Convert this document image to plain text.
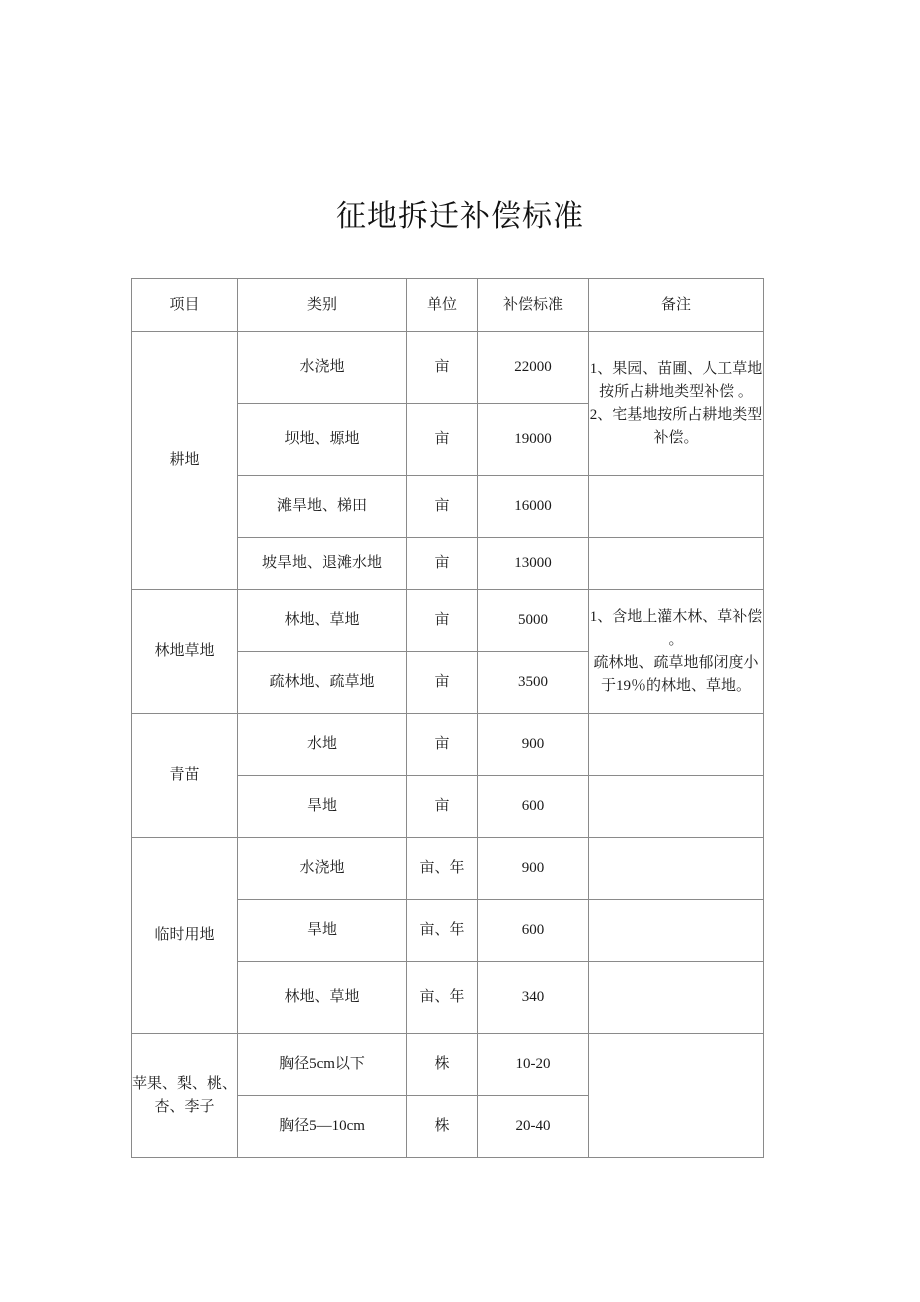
征地拆迁补偿标准
项目	类别	单位	补偿标准	备注
耕地	水浇地	亩	22000	1、果园、苗圃、人工草地按所占耕地类型补偿 。
2、宅基地按所占耕地类型补偿。

	坝地、塬地	亩	19000	
	滩旱地、梯田	亩	16000	
	坡旱地、退滩水地	亩	13000	
林地草地	林地、草地	亩	5000	1、含地上灌木林、草补偿 。
疏林地、疏草地郁闭度小于19％的林地、草地。

	疏林地、疏草地	亩	3500	
青苗	水地	亩	900	
	旱地	亩	600	
临时用地	水浇地	亩、年	900	
	旱地	亩、年	600	
	林地、草地	亩、年	340	
苹果、梨、桃、杏、李子	胸径5cm以下	株	10-20	
	胸径5—10cm	株	20-40	
